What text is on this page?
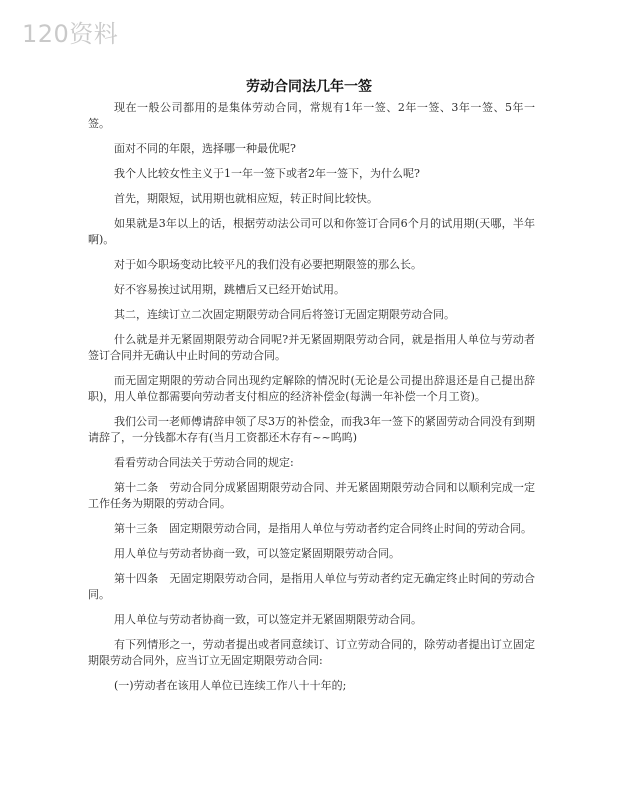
120资料
劳动合同法几年一签

现在一般公司都用的是集体劳动合同，常规有1年一签、2年一签、3年一签、5年一签。

面对不同的年限，选择哪一种最优呢?

我个人比较女性主义于1一年一签下或者2年一签下，为什么呢?

首先，期限短，试用期也就相应短，转正时间比较快。

如果就是3年以上的话，根据劳动法公司可以和你签订合同6个月的试用期(天哪，半年啊)。

对于如今职场变动比较平凡的我们没有必要把期限签的那么长。

好不容易挨过试用期，跳槽后又已经开始试用。

其二，连续订立二次固定期限劳动合同后将签订无固定期限劳动合同。

什么就是并无紧固期限劳动合同呢?并无紧固期限劳动合同，就是指用人单位与劳动者签订合同并无确认中止时间的劳动合同。

而无固定期限的劳动合同出现约定解除的情况时(无论是公司提出辞退还是自己提出辞职)，用人单位都需要向劳动者支付相应的经济补偿金(每满一年补偿一个月工资)。

我们公司一老师傅请辞申领了尽3万的补偿金，而我3年一签下的紧固劳动合同没有到期请辞了，一分钱都木存有(当月工资都还木存有~~呜呜)

看看劳动合同法关于劳动合同的规定:

第十二条　劳动合同分成紧固期限劳动合同、并无紧固期限劳动合同和以顺利完成一定工作任务为期限的劳动合同。

第十三条　固定期限劳动合同，是指用人单位与劳动者约定合同终止时间的劳动合同。

用人单位与劳动者协商一致，可以签定紧固期限劳动合同。

第十四条　无固定期限劳动合同，是指用人单位与劳动者约定无确定终止时间的劳动合同。

用人单位与劳动者协商一致，可以签定并无紧固期限劳动合同。

有下列情形之一，劳动者提出或者同意续订、订立劳动合同的，除劳动者提出订立固定期限劳动合同外，应当订立无固定期限劳动合同:

(一)劳动者在该用人单位已连续工作八十十年的;
